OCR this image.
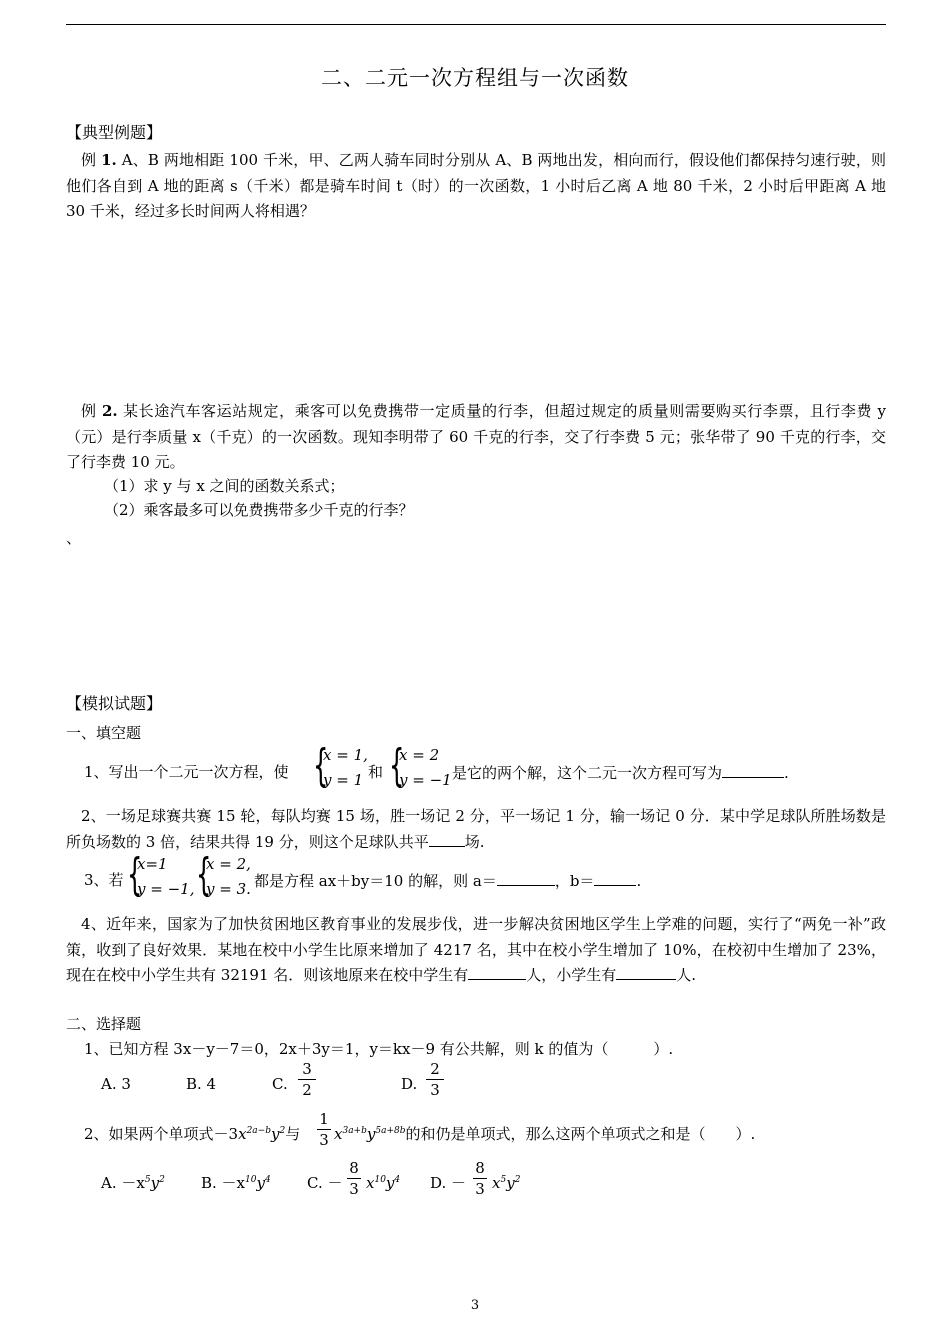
二、二元一次方程组与一次函数
【典型例题】
例 1. A、B 两地相距 100 千米，甲、乙两人骑车同时分别从 A、B 两地出发，相向而行，假设他们都保持匀速行驶，则他们各自到 A 地的距离 s（千米）都是骑车时间 t（时）的一次函数，1 小时后乙离 A 地 80 千米，2 小时后甲距离 A 地 30 千米，经过多长时间两人将相遇？
例 2. 某长途汽车客运站规定，乘客可以免费携带一定质量的行李，但超过规定的质量则需要购买行李票，且行李费 y（元）是行李质量 x（千克）的一次函数。现知李明带了 60 千克的行李，交了行李费 5 元；张华带了 90 千克的行李，交了行李费 10 元。
（1）求 y 与 x 之间的函数关系式；
（2）乘客最多可以免费携带多少千克的行李？
、
【模拟试题】
一、填空题
1、写出一个二元一次方程，使 {
x = 1,
y = 1 和 {
x = 2
y = −1 是它的两个解，这个二元一次方程可写为	.
2、一场足球赛共赛 15 轮，每队均赛 15 场，胜一场记 2 分，平一场记 1 分，输一场记 0 分．某中学足球队所胜场数是所负场数的 3 倍，结果共得 19 分，则这个足球队共平 场.
3、若 {
x=1
y = −1, {
x = 2,
y = 3. 都是方程 ax＋by＝10 的解，则 a＝	，b＝	.
4、近年来，国家为了加快贫困地区教育事业的发展步伐，进一步解决贫困地区学生上学难的问题，实行了“两免一补”政策，收到了良好效果．某地在校中小学生比原来增加了 4217 名，其中在校小学生增加了 10%，在校初中生增加了 23%，现在在校中小学生共有 32191 名．则该地原来在校中学生有	人，小学生有	人.
二、选择题
1、已知方程 3x－y－7＝0，2x＋3y＝1，y＝kx－9 有公共解，则 k 的值为（　　　）.
A. 3	B. 4	C.
3
2	D.
2
3
2、如果两个单项式$-3x^{2a-b}y^2$与
1
3 $x^{3a+b}y^{5a+8b}$的和仍是单项式，那么这两个单项式之和是（　　）.
A. $-x^5y^2$ B. $-x^{10}y^4$ C. －
8
3 $x^{10}y^4$ D. －
8
3 $x^5y^2$
3
